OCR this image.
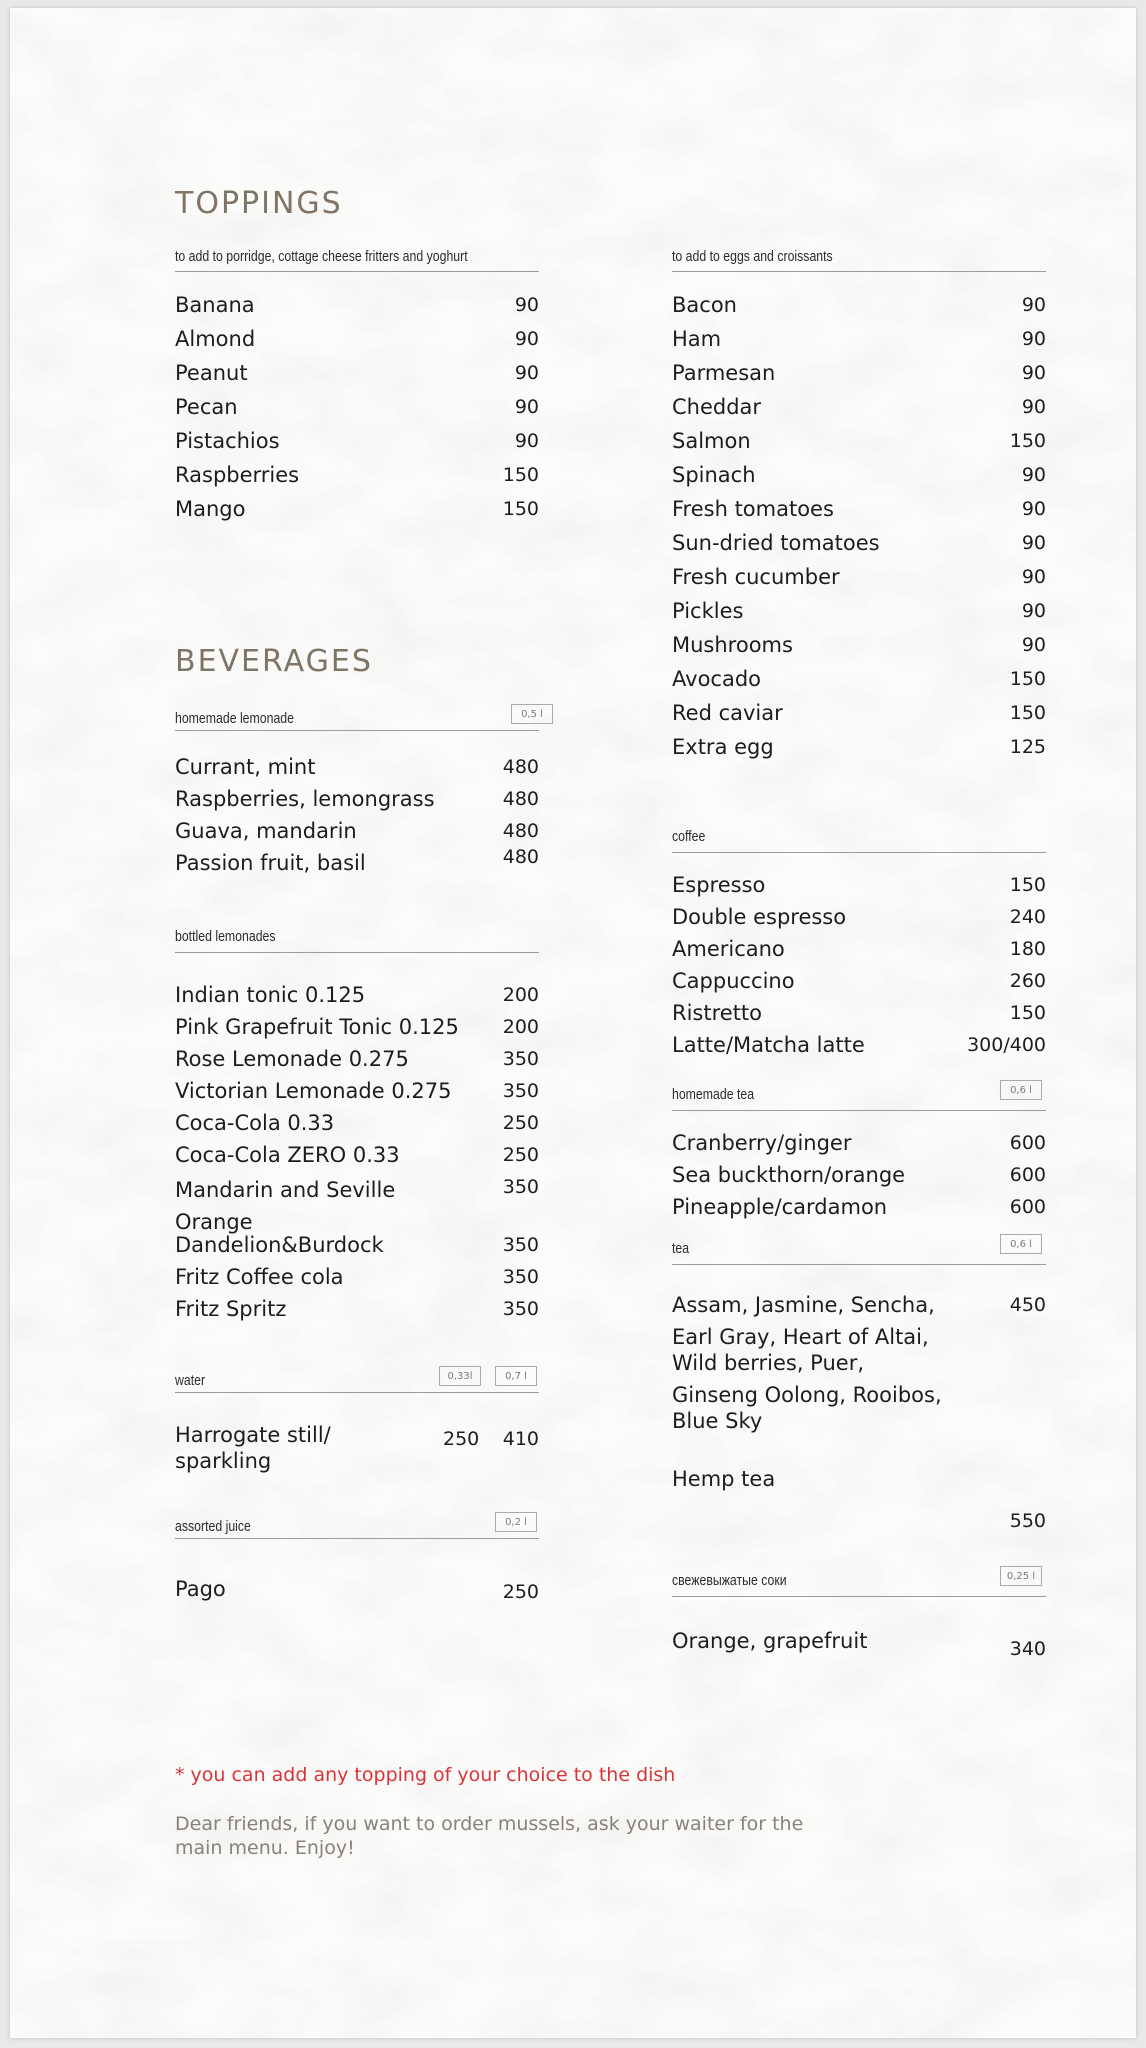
TOPPINGS
to add to porridge, cottage cheese fritters and yoghurt
Banana	90
Almond	90
Peanut	90
Pecan	90
Pistachios	90
Raspberries	150
Mango	150
BEVERAGES
homemade lemonade	0,5 l
Currant, mint	480
Raspberries, lemongrass	480
Guava, mandarin	480
Passion fruit, basil	480
bottled lemonades
Indian tonic 0.125	200
Pink Grapefruit Tonic 0.125 200
Rose Lemonade 0.275	350
Victorian Lemonade 0.275	350
Coca-Cola 0.33	250
Coca-Cola ZERO 0.33	250
Mandarin and Seville Orange
350
Dandelion&Burdock	350
Fritz Coffee cola	350
Fritz Spritz	350
water	0,33l	0,7 l
Harrogate still/ sparkling
250 410
assorted juice	0,2 l
Pago	250
to add to eggs and croissants
Bacon	90
Ham	90
Parmesan	90
Cheddar	90
Salmon	150
Spinach	90
Fresh tomatoes	90
Sun-dried tomatoes	90
Fresh cucumber	90
Pickles	90
Mushrooms	90
Avocado	150
Red caviar	150
Extra egg	125
coffee
Espresso	150
Double espresso	240
Americano	180
Cappuccino	260
Ristretto	150
Latte/Matcha latte	300/400
homemade tea	0,6 l
Cranberry/ginger	600
Sea buckthorn/orange	600
Pineapple/cardamon	600
tea	0,6 l
Assam, Jasmine, Sencha,	450
Earl Gray, Heart of Altai, Wild berries, Puer,
Ginseng Oolong, Rooibos, Blue Sky
Hemp tea
550
свежевыжатые соки	0,25 l
Orange, grapefruit	340
* you can add any topping of your choice to the dish
Dear friends, if you want to order mussels, ask your waiter for the main menu. Enjoy!
